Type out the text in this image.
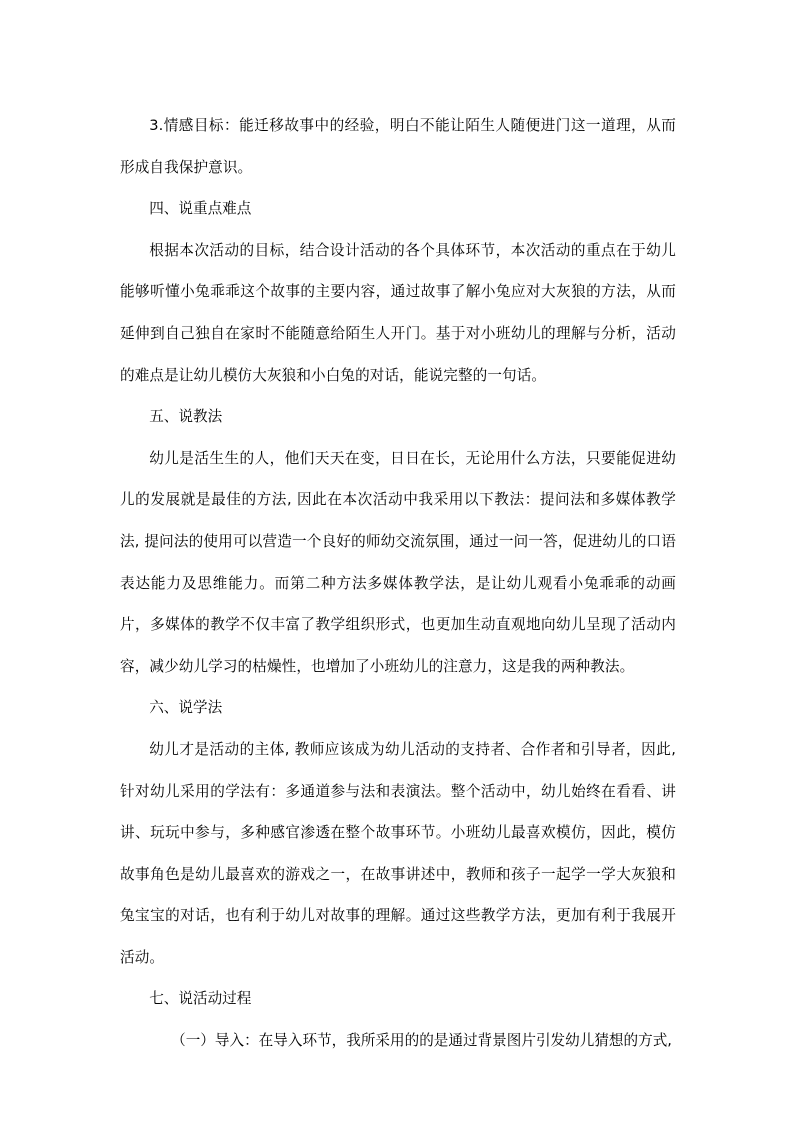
3.情感目标：能迁移故事中的经验，明白不能让陌生人随便进门这一道理，从而形成自我保护意识。

四、说重点难点

根据本次活动的目标，结合设计活动的各个具体环节，本次活动的重点在于幼儿能够听懂小兔乖乖这个故事的主要内容，通过故事了解小兔应对大灰狼的方法，从而延伸到自己独自在家时不能随意给陌生人开门。基于对小班幼儿的理解与分析，活动的难点是让幼儿模仿大灰狼和小白兔的对话，能说完整的一句话。

五、说教法

幼儿是活生生的人，他们天天在变，日日在长，无论用什么方法，只要能促进幼儿的发展就是最佳的方法, 因此在本次活动中我采用以下教法：提问法和多媒体教学法, 提问法的使用可以营造一个良好的师幼交流氛围，通过一问一答，促进幼儿的口语表达能力及思维能力。而第二种方法多媒体教学法，是让幼儿观看小兔乖乖的动画片，多媒体的教学不仅丰富了教学组织形式，也更加生动直观地向幼儿呈现了活动内容，减少幼儿学习的枯燥性，也增加了小班幼儿的注意力，这是我的两种教法。

六、说学法

幼儿才是活动的主体, 教师应该成为幼儿活动的支持者、合作者和引导者，因此,针对幼儿采用的学法有：多通道参与法和表演法。整个活动中，幼儿始终在看看、讲讲、玩玩中参与，多种感官渗透在整个故事环节。小班幼儿最喜欢模仿，因此，模仿故事角色是幼儿最喜欢的游戏之一，在故事讲述中，教师和孩子一起学一学大灰狼和兔宝宝的对话，也有利于幼儿对故事的理解。通过这些教学方法，更加有利于我展开活动。

七、说活动过程

（一）导入：在导入环节，我所采用的的是通过背景图片引发幼儿猜想的方式,
